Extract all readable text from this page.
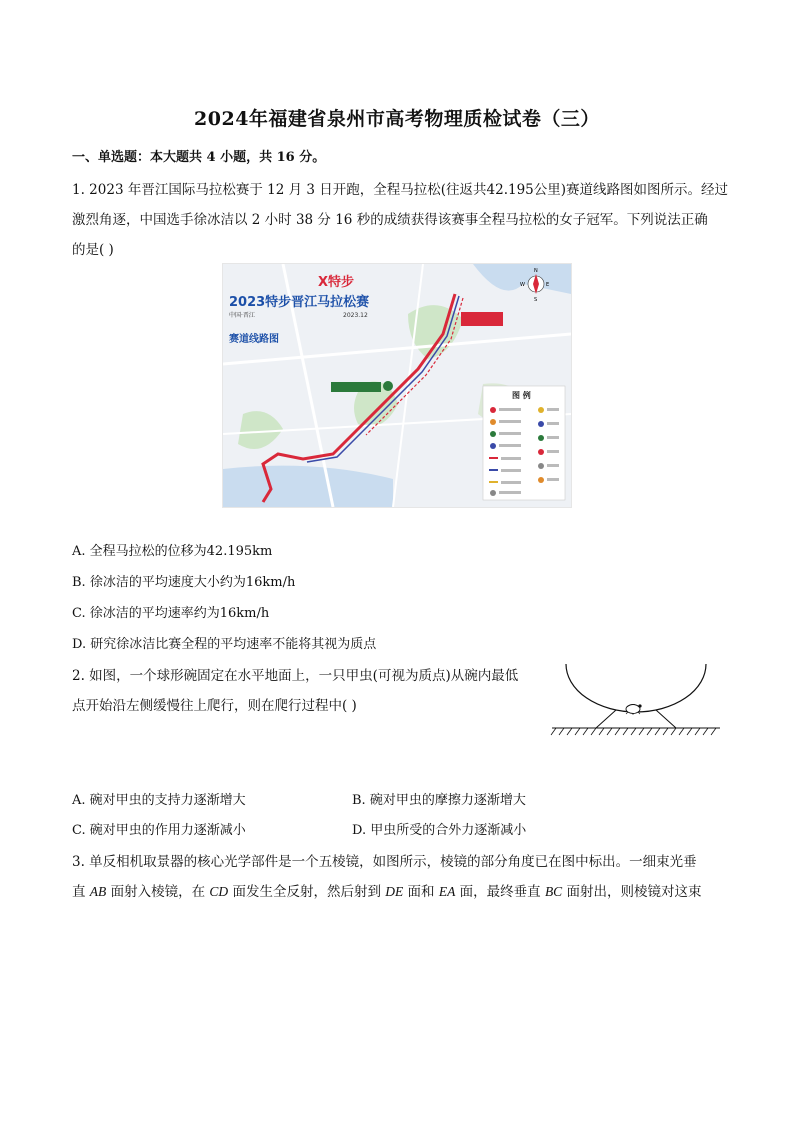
2024年福建省泉州市高考物理质检试卷（三）
一、单选题：本大题共 4 小题，共 16 分。
1. 2023 年晋江国际马拉松赛于 12 月 3 日开跑，全程马拉松(往返共42.195公里)赛道线路图如图所示。经过
激烈角逐，中国选手徐冰洁以 2 小时 38 分 16 秒的成绩获得该赛事全程马拉松的女子冠军。下列说法正确
的是( )
X特步
2023特步晋江马拉松赛
中国·晋江	2023.12
赛道线路图
N
S
E
W
图 例
A. 全程马拉松的位移为42.195km
B. 徐冰洁的平均速度大小约为16km/h
C. 徐冰洁的平均速率约为16km/h
D. 研究徐冰洁比赛全程的平均速率不能将其视为质点
2. 如图，一个球形碗固定在水平地面上，一只甲虫(可视为质点)从碗内最低
点开始沿左侧缓慢往上爬行，则在爬行过程中( )
A. 碗对甲虫的支持力逐渐增大	B. 碗对甲虫的摩擦力逐渐增大
C. 碗对甲虫的作用力逐渐减小	D. 甲虫所受的合外力逐渐减小
3. 单反相机取景器的核心光学部件是一个五棱镜，如图所示，棱镜的部分角度已在图中标出。一细束光垂
直 AB 面射入棱镜，在 CD 面发生全反射，然后射到 DE 面和 EA 面，最终垂直 BC 面射出，则棱镜对这束
